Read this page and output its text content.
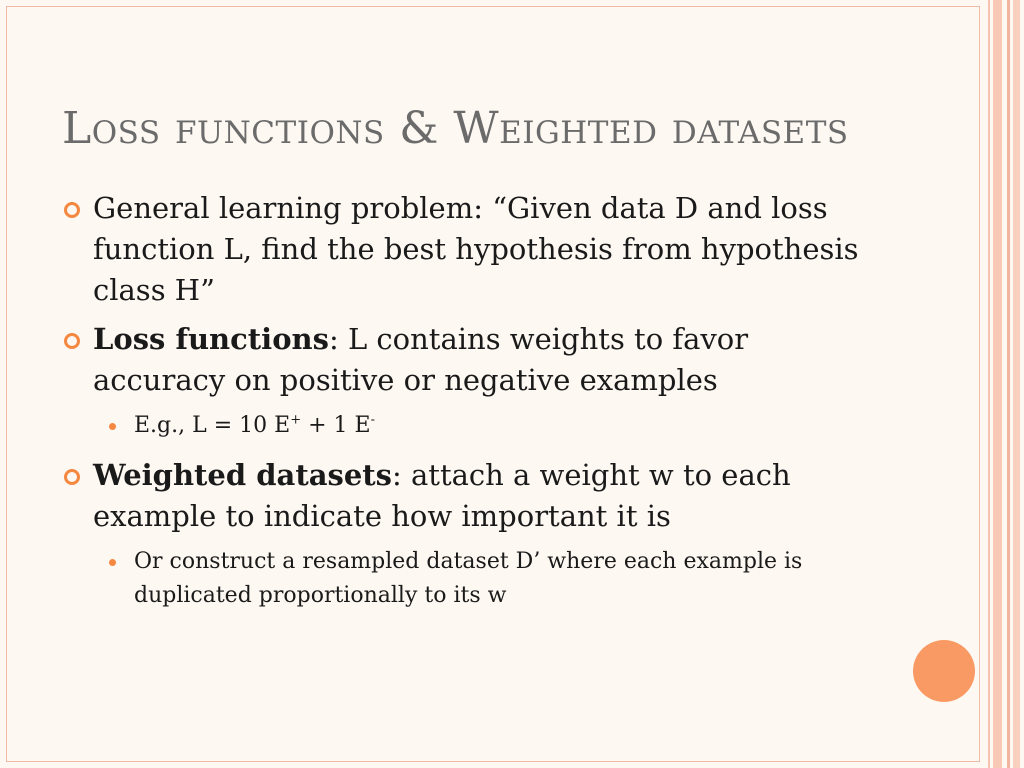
Loss functions & Weighted datasets
General learning problem: “Given data D and loss function L, find the best hypothesis from hypothesis class H”
Loss functions: L contains weights to favor accuracy on positive or negative examples
E.g., L = 10 E+ + 1 E-
Weighted datasets: attach a weight w to each example to indicate how important it is
Or construct a resampled dataset D’ where each example is duplicated proportionally to its w
